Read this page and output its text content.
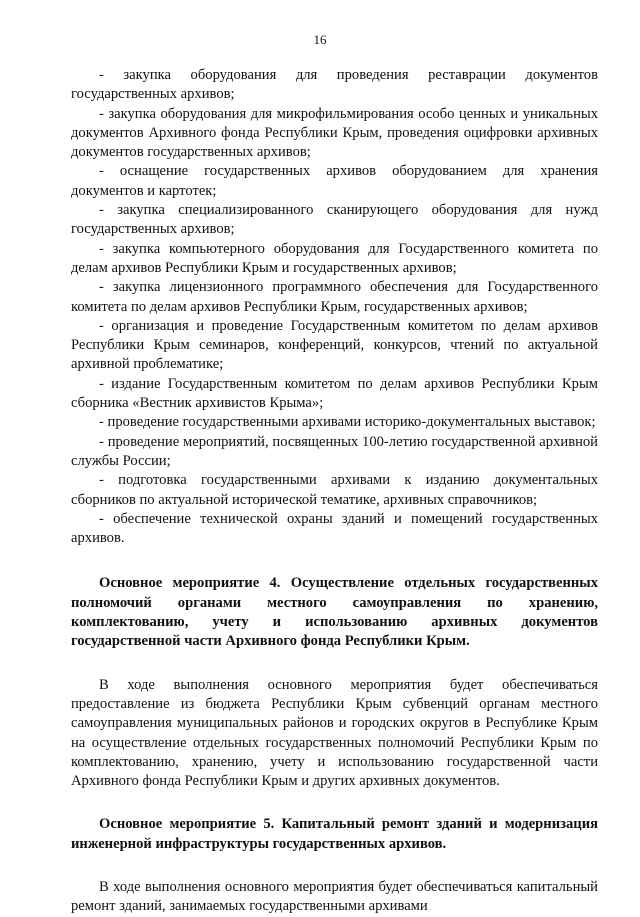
16

- закупка оборудования для проведения реставрации документов государственных архивов;

- закупка оборудования для микрофильмирования особо ценных и уникальных документов Архивного фонда Республики Крым, проведения оцифровки архивных документов государственных архивов;

- оснащение государственных архивов оборудованием для хранения документов и картотек;

- закупка специализированного сканирующего оборудования для нужд государственных архивов;

- закупка компьютерного оборудования для Государственного комитета по делам архивов Республики Крым и государственных архивов;

- закупка лицензионного программного обеспечения для Государственного комитета по делам архивов Республики Крым, государственных архивов;

- организация и проведение Государственным комитетом по делам архивов Республики Крым семинаров, конференций, конкурсов, чтений по актуальной архивной проблематике;

- издание Государственным комитетом по делам архивов Республики Крым сборника «Вестник архивистов Крыма»;

- проведение государственными архивами историко-документальных выставок;

- проведение мероприятий, посвященных 100-летию государственной архивной службы России;

- подготовка государственными архивами к изданию документальных сборников по актуальной исторической тематике, архивных справочников;

- обеспечение технической охраны зданий и помещений государственных архивов.

Основное мероприятие 4. Осуществление отдельных государственных полномочий органами местного самоуправления по хранению, комплектованию, учету и использованию архивных документов государственной части Архивного фонда Республики Крым.

В ходе выполнения основного мероприятия будет обеспечиваться предоставление из бюджета Республики Крым субвенций органам местного самоуправления муниципальных районов и городских округов в Республике Крым на осуществление отдельных государственных полномочий Республики Крым по комплектованию, хранению, учету и использованию государственной части Архивного фонда Республики Крым и других архивных документов.

Основное мероприятие 5. Капитальный ремонт зданий и модернизация инженерной инфраструктуры государственных архивов.

В ходе выполнения основного мероприятия будет обеспечиваться капитальный ремонт зданий, занимаемых государственными архивами
